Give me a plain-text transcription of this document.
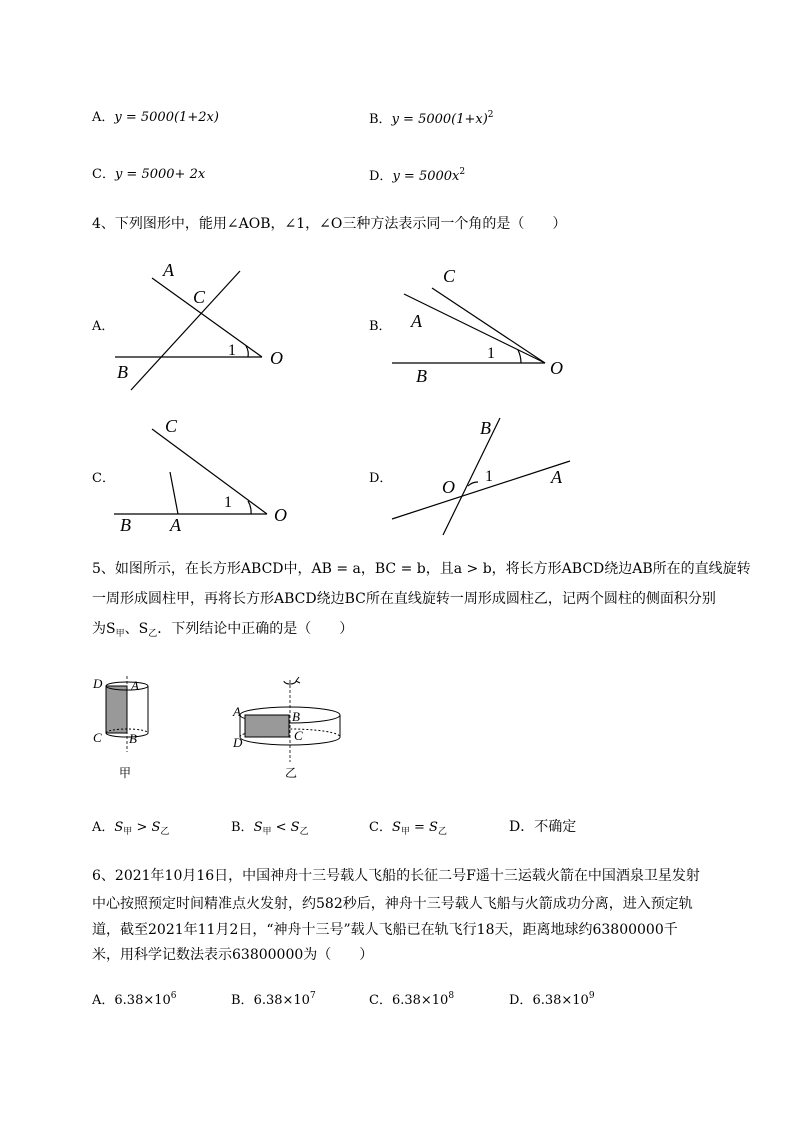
A．y = 5000(1+2x)	B．$y = 5000(1+x)^2$
C．y = 5000+ 2x	D．$y = 5000x^2$
4、下列图形中，能用∠AOB，∠1，∠O三种方法表示同一个角的是（　　）
A．
A
C
1 O
B
B．
C
A
1
O
B
C．
C
1
O
B A
D．
B
1	A
O
5、如图所示，在长方形ABCD中，AB = a，BC = b，且a > b，将长方形ABCD绕边AB所在的直线旋转
一周形成圆柱甲，再将长方形ABCD绕边BC所在直线旋转一周形成圆柱乙，记两个圆柱的侧面积分别
为$S_甲$、$S_乙$．下列结论中正确的是（　　）
D A
C B
甲
A	B
D	C
乙
A．$S_甲 > S_乙$	B．$S_甲 < S_乙$	C．$S_甲 = S_乙$	D．不确定
6、2021年10月16日，中国神舟十三号载人飞船的长征二号F遥十三运载火箭在中国酒泉卫星发射
中心按照预定时间精准点火发射，约582秒后，神舟十三号载人飞船与火箭成功分离，进入预定轨
道，截至2021年11月2日，“神舟十三号”载人飞船已在轨飞行18天，距离地球约63800000千
米，用科学记数法表示63800000为（　　）
A．$6.38\times 10^6$	B．$6.38\times 10^7$	C．$6.38\times 10^8$	D．$6.38\times 10^9$
